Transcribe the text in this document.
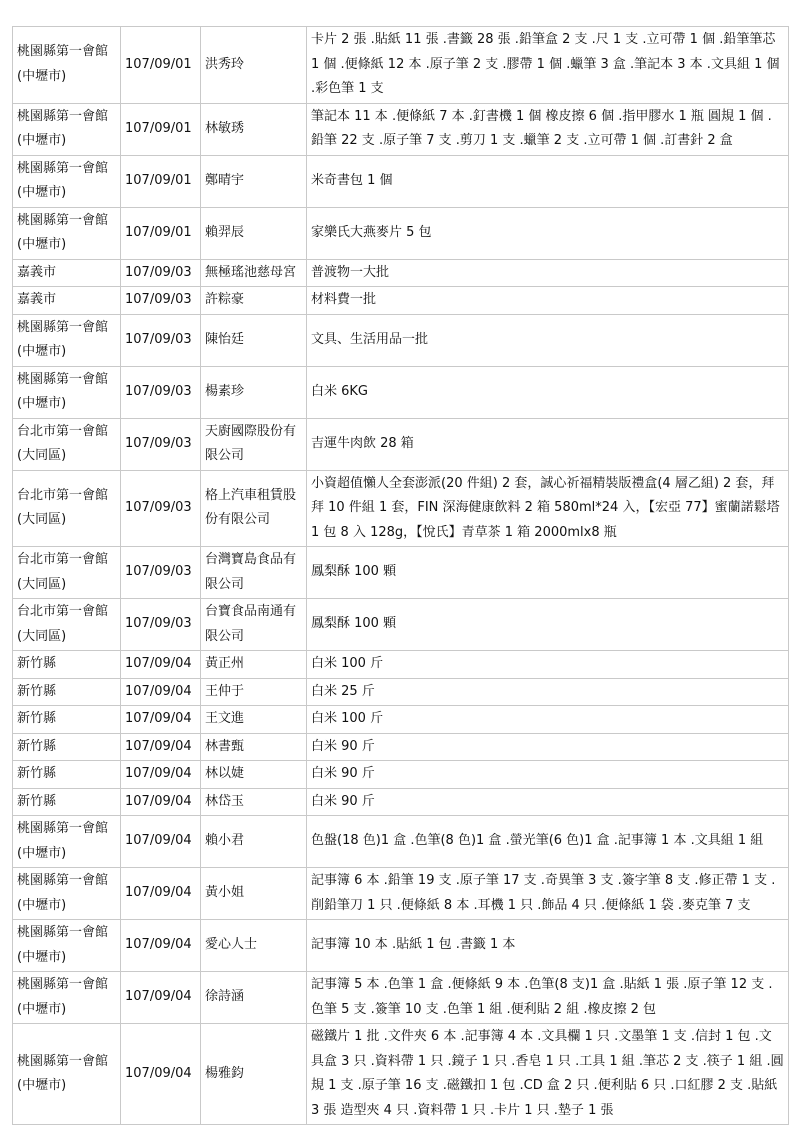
桃園縣第一會館(中壢市)	107/09/01	洪秀玲	卡片 2 張 .貼紙 11 張 .書籤 28 張 .鉛筆盒 2 支 .尺 1 支 .立可帶 1 個 .鉛筆筆芯 1 個 .便條紙 12 本 .原子筆 2 支 .膠帶 1 個 .蠟筆 3 盒 .筆記本 3 本 .文具組 1 個 .彩色筆 1 支
桃園縣第一會館(中壢市)	107/09/01	林敏琇	筆記本 11 本 .便條紙 7 本 .釘書機 1 個 橡皮擦 6 個 .指甲膠水 1 瓶 圓規 1 個 .鉛筆 22 支 .原子筆 7 支 .剪刀 1 支 .蠟筆 2 支 .立可帶 1 個 .訂書針 2 盒
桃園縣第一會館(中壢市)	107/09/01	鄭晴宇	米奇書包 1 個
桃園縣第一會館(中壢市)	107/09/01	賴羿辰	家樂氏大燕麥片 5 包
嘉義市	107/09/03	無極瑤池慈母宮	普渡物一大批
嘉義市	107/09/03	許粽豪	材料費一批
桃園縣第一會館(中壢市)	107/09/03	陳怡廷	文具、生活用品一批
桃園縣第一會館(中壢市)	107/09/03	楊素珍	白米 6KG
台北市第一會館(大同區)	107/09/03	天廚國際股份有限公司	吉運牛肉飲 28 箱
台北市第一會館(大同區)	107/09/03	格上汽車租賃股份有限公司	小資超值懶人全套澎派(20 件組) 2 套，誠心祈福精裝版禮盒(4 層乙組) 2 套，拜拜 10 件組 1 套，FIN 深海健康飲料 2 箱 580ml*24 入，【宏亞 77】蜜蘭諾鬆塔 1 包 8 入 128g，【悅氏】青草茶 1 箱 2000mlx8 瓶
台北市第一會館(大同區)	107/09/03	台灣寶島食品有限公司	鳳梨酥 100 顆
台北市第一會館(大同區)	107/09/03	台寶食品南通有限公司	鳳梨酥 100 顆
新竹縣	107/09/04	黃正州	白米 100 斤
新竹縣	107/09/04	王仲于	白米 25 斤
新竹縣	107/09/04	王文進	白米 100 斤
新竹縣	107/09/04	林書甄	白米 90 斤
新竹縣	107/09/04	林以婕	白米 90 斤
新竹縣	107/09/04	林岱玉	白米 90 斤
桃園縣第一會館(中壢市)	107/09/04	賴小君	色盤(18 色)1 盒 .色筆(8 色)1 盒 .螢光筆(6 色)1 盒 .記事簿 1 本 .文具組 1 組
桃園縣第一會館(中壢市)	107/09/04	黃小姐	記事簿 6 本 .鉛筆 19 支 .原子筆 17 支 .奇異筆 3 支 .簽字筆 8 支 .修正帶 1 支 .削鉛筆刀 1 只 .便條紙 8 本 .耳機 1 只 .飾品 4 只 .便條紙 1 袋 .麥克筆 7 支
桃園縣第一會館(中壢市)	107/09/04	愛心人士	記事簿 10 本 .貼紙 1 包 .書籤 1 本
桃園縣第一會館(中壢市)	107/09/04	徐詩涵	記事簿 5 本 .色筆 1 盒 .便條紙 9 本 .色筆(8 支)1 盒 .貼紙 1 張 .原子筆 12 支 .色筆 5 支 .簽筆 10 支 .色筆 1 組 .便利貼 2 組 .橡皮擦 2 包
桃園縣第一會館(中壢市)	107/09/04	楊雅鈞	磁鐵片 1 批 .文件夾 6 本 .記事簿 4 本 .文具欄 1 只 .文墨筆 1 支 .信封 1 包 .文具盒 3 只 .資料帶 1 只 .鏡子 1 只 .香皂 1 只 .工具 1 組 .筆芯 2 支 .筷子 1 組 .圓規 1 支 .原子筆 16 支 .磁鐵扣 1 包 .CD 盒 2 只 .便利貼 6 只 .口紅膠 2 支 .貼紙 3 張 造型夾 4 只 .資料帶 1 只 .卡片 1 只 .墊子 1 張
